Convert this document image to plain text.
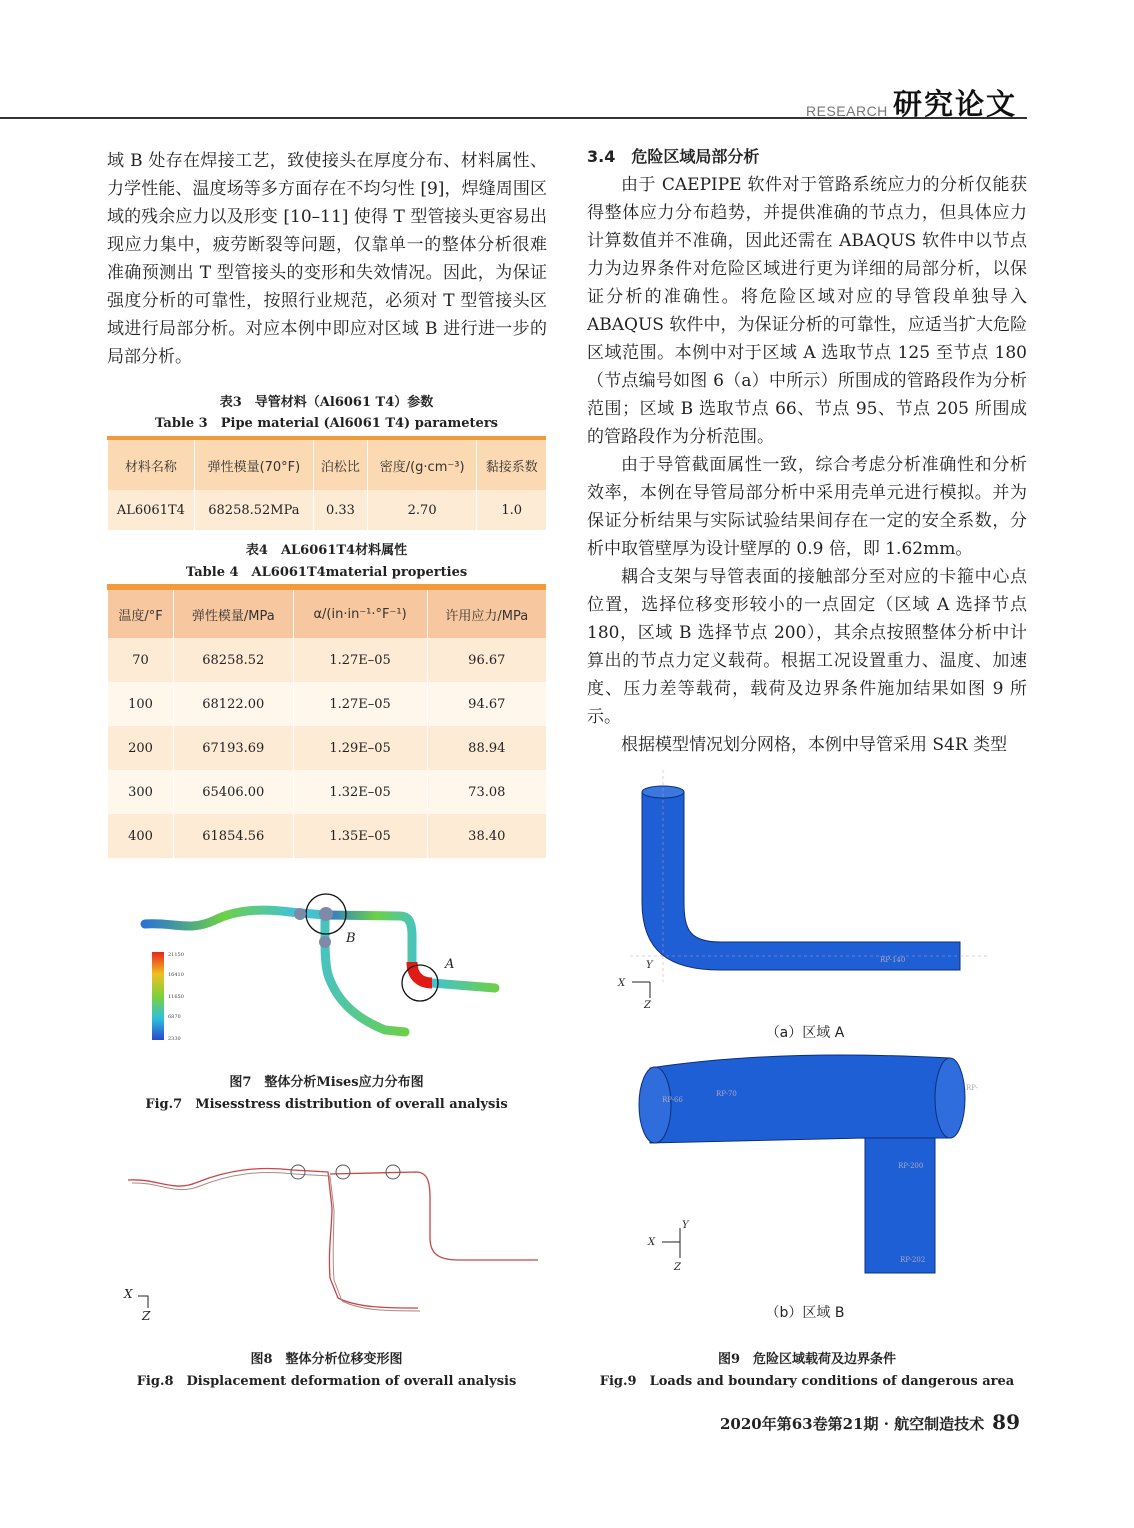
RESEARCH 研究论文

域 B 处存在焊接工艺，致使接头在厚度分布、材料属性、力学性能、温度场等多方面存在不均匀性 [9]，焊缝周围区域的残余应力以及形变 [10–11] 使得 T 型管接头更容易出现应力集中，疲劳断裂等问题，仅靠单一的整体分析很难准确预测出 T 型管接头的变形和失效情况。因此，为保证强度分析的可靠性，按照行业规范，必须对 T 型管接头区域进行局部分析。对应本例中即应对区域 B 进行进一步的局部分析。

表3　导管材料（Al6061 T4）参数
Table 3　Pipe material (Al6061 T4) parameters
材料名称	弹性模量(70°F)	泊松比	密度/(g·cm⁻³)	黏接系数
AL6061T4	68258.52MPa	0.33	2.70	1.0
表4　AL6061T4材料属性
Table 4　AL6061T4material properties
温度/°F	弹性模量/MPa	α/(in·in⁻¹·°F⁻¹)	许用应力/MPa
70	68258.52	1.27E–05	96.67
100	68122.00	1.27E–05	94.67
200	67193.69	1.29E–05	88.94
300	65406.00	1.32E–05	73.08
400	61854.56	1.35E–05	38.40
21150
16410
11650
6870
2330
B
A
图7　整体分析Mises应力分布图
Fig.7　Misesstress distribution of overall analysis
X
Z
图8　整体分析位移变形图
Fig.8　Displacement deformation of overall analysis

3.4　危险区域局部分析

由于 CAEPIPE 软件对于管路系统应力的分析仅能获得整体应力分布趋势，并提供准确的节点力，但具体应力计算数值并不准确，因此还需在 ABAQUS 软件中以节点力为边界条件对危险区域进行更为详细的局部分析，以保证分析的准确性。将危险区域对应的导管段单独导入 ABAQUS 软件中，为保证分析的可靠性，应适当扩大危险区域范围。本例中对于区域 A 选取节点 125 至节点 180（节点编号如图 6（a）中所示）所围成的管路段作为分析范围；区域 B 选取节点 66、节点 95、节点 205 所围成的管路段作为分析范围。

由于导管截面属性一致，综合考虑分析准确性和分析效率，本例在导管局部分析中采用壳单元进行模拟。并为保证分析结果与实际试验结果间存在一定的安全系数，分析中取管壁厚为设计壁厚的 0.9 倍，即 1.62mm。

耦合支架与导管表面的接触部分至对应的卡箍中心点位置，选择位移变形较小的一点固定（区域 A 选择节点 180，区域 B 选择节点 200），其余点按照整体分析中计算出的节点力定义载荷。根据工况设置重力、温度、加速度、压力差等载荷，载荷及边界条件施加结果如图 9 所示。

根据模型情况划分网格，本例中导管采用 S4R 类型

RP-140
X
Y
Z
（a）区域 A
RP-66
RP-70
RP-200
RP-202
RP-
X
Y
Z
（b）区域 B
图9　危险区域载荷及边界条件
Fig.9　Loads and boundary conditions of dangerous area
2020年第63卷第21期 · 航空制造技术 89
